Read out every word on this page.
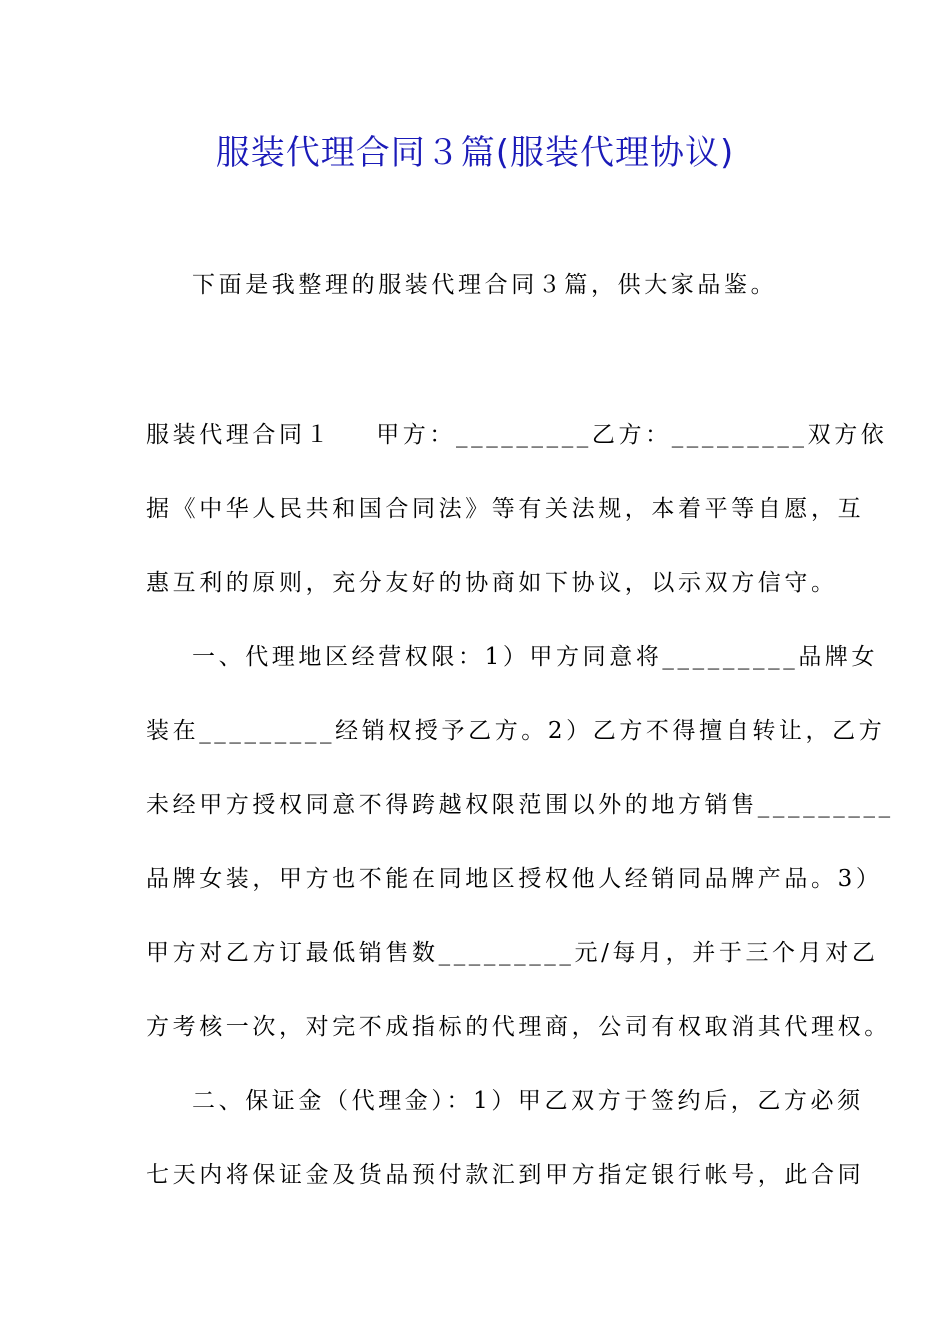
服装代理合同３篇(服装代理协议)
下面是我整理的服装代理合同３篇，供大家品鉴。
服装代理合同１ 甲方：_________乙方：_________双方依
据《中华人民共和国合同法》等有关法规，本着平等自愿，互
惠互利的原则，充分友好的协商如下协议，以示双方信守。
一、代理地区经营权限：1）甲方同意将_________品牌女
装在_________经销权授予乙方。2）乙方不得擅自转让，乙方
未经甲方授权同意不得跨越权限范围以外的地方销售_________
品牌女装，甲方也不能在同地区授权他人经销同品牌产品。3）
甲方对乙方订最低销售数_________元/每月，并于三个月对乙
方考核一次，对完不成指标的代理商，公司有权取消其代理权。
二、保证金（代理金）：1）甲乙双方于签约后，乙方必须
七天内将保证金及货品预付款汇到甲方指定银行帐号，此合同
